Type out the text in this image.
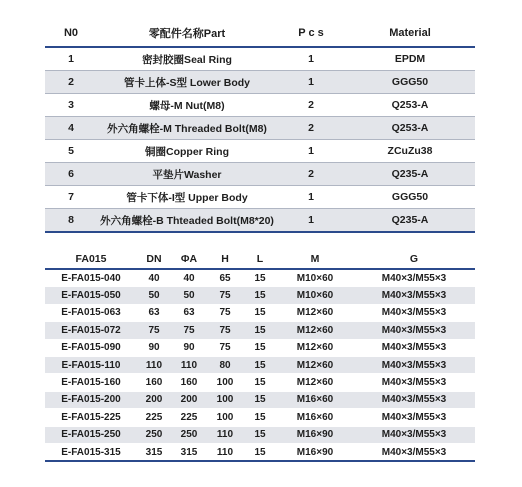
N0	零配件名称Part	P c s	Material
1	密封胶圈Seal Ring	1	EPDM
2	管卡上体-S型 Lower Body	1	GGG50
3	螺母-M Nut(M8)	2	Q253-A
4	外六角螺栓-M Threaded Bolt(M8)	2	Q253-A
5	铜圈Copper Ring	1	ZCuZu38
6	平垫片Washer	2	Q235-A
7	管卡下体-I型 Upper Body	1	GGG50
8	外六角螺栓-B Thteaded Bolt(M8*20)	1	Q235-A
FA015	DN	ΦA	H	L	M	G
E-FA015-040	40	40	65	15	M10×60	M40×3/M55×3
E-FA015-050	50	50	75	15	M10×60	M40×3/M55×3
E-FA015-063	63	63	75	15	M12×60	M40×3/M55×3
E-FA015-072	75	75	75	15	M12×60	M40×3/M55×3
E-FA015-090	90	90	75	15	M12×60	M40×3/M55×3
E-FA015-110	110	110	80	15	M12×60	M40×3/M55×3
E-FA015-160	160	160	100	15	M12×60	M40×3/M55×3
E-FA015-200	200	200	100	15	M16×60	M40×3/M55×3
E-FA015-225	225	225	100	15	M16×60	M40×3/M55×3
E-FA015-250	250	250	110	15	M16×90	M40×3/M55×3
E-FA015-315	315	315	110	15	M16×90	M40×3/M55×3
